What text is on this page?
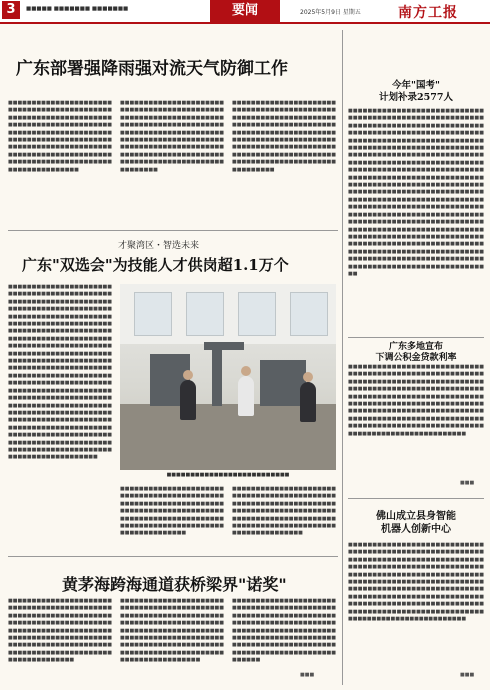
3	■■■■■ ■■■■■■■ ■■■■■■■	要闻	2025年5月9日 星期五	南方工报
广东部署强降雨强对流天气防御工作
■■■■■■■■■■■■■■■■■■■■■■■■■■■■■■■■■■■■■■■■■■■■■■■■■■■■■■■■■■■■■■■■■■■■■■■■■■■■■■■■■■■■■■■■■■■■■■■■■■■■■■■■■■■■■■■■■■■■■■■■■■■■■■■■■■■■■■■■■■■■■■■■■■■■■■■■■■■■■■■■■■■■■■■■■■■■■■■■■■■■■■■■■■■■■■■■■■■■■■■■■■■■■■■■■■■■■
■■■■■■■■■■■■■■■■■■■■■■■■■■■■■■■■■■■■■■■■■■■■■■■■■■■■■■■■■■■■■■■■■■■■■■■■■■■■■■■■■■■■■■■■■■■■■■■■■■■■■■■■■■■■■■■■■■■■■■■■■■■■■■■■■■■■■■■■■■■■■■■■■■■■■■■■■■■■■■■■■■■■■■■■■■■■■■■■■■■■■■■■■■■■■■■■■■■■■■■■■■■■■■
■■■■■■■■■■■■■■■■■■■■■■■■■■■■■■■■■■■■■■■■■■■■■■■■■■■■■■■■■■■■■■■■■■■■■■■■■■■■■■■■■■■■■■■■■■■■■■■■■■■■■■■■■■■■■■■■■■■■■■■■■■■■■■■■■■■■■■■■■■■■■■■■■■■■■■■■■■■■■■■■■■■■■■■■■■■■■■■■■■■■■■■■■■■■■■■■■■■■■■■■■■■■■■■
才聚湾区・智选未来
广东"双选会"为技能人才供岗超1.1万个
■■■■■■■■■■■■■■■■■■■■■■■■■■■■■■■■■■■■■■■■■■■■■■■■■■■■■■■■■■■■■■■■■■■■■■■■■■■■■■■■■■■■■■■■■■■■■■■■■■■■■■■■■■■■■■■■■■■■■■■■■■■■■■■■■■■■■■■■■■■■■■■■■■■■■■■■■■■■■■■■■■■■■■■■■■■■■■■■■■■■■■■■■■■■■■■■■■■■■■■■■■■■■■■■■■■■■■■■■■■■■■■■■■■■■■■■■■■■■■■■■■■■■■■■■■■■■■■■■■■■■■■■■■■■■■■■■■■■■■■■■■■■■■■■■■■■■■■■■■■■■■■■■■■■■■■■■■■■■■■■■■■■■■■■■■■■■■■■■■■■■■■■■■■■■■■■■■■■■■■■■■■■■■■■■■■■■■■■■■■■■■■■■■■■■■■■■■■■■■■■■■■■■■■■■■■■■■■■■■■■■■■■■■■■■■■■■■■■■■■■■■■■■■■■■■■■■■■■■■■■■■■■■■■■■■■■■■■■■■■■■■■■■■■■■■■■■■■■■■■■■■■■■■■■■■■■■■■■■■■■■■■■■
■■■■■■■■■■■■■■■■■■■■■■■■■■
■■■■■■■■■■■■■■■■■■■■■■■■■■■■■■■■■■■■■■■■■■■■■■■■■■■■■■■■■■■■■■■■■■■■■■■■■■■■■■■■■■■■■■■■■■■■■■■■■■■■■■■■■■■■■■■■■■■■■■■■■■■■■■■■■■■■■■■■■■■■■■■■■■
■■■■■■■■■■■■■■■■■■■■■■■■■■■■■■■■■■■■■■■■■■■■■■■■■■■■■■■■■■■■■■■■■■■■■■■■■■■■■■■■■■■■■■■■■■■■■■■■■■■■■■■■■■■■■■■■■■■■■■■■■■■■■■■■■■■■■■■■■■■■■■■■■■■
黄茅海跨海通道获桥梁界"诺奖"
■■■■■■■■■■■■■■■■■■■■■■■■■■■■■■■■■■■■■■■■■■■■■■■■■■■■■■■■■■■■■■■■■■■■■■■■■■■■■■■■■■■■■■■■■■■■■■■■■■■■■■■■■■■■■■■■■■■■■■■■■■■■■■■■■■■■■■■■■■■■■■■■■■■■■■■■■■■■■■■■■■■■■■■■■■■■■■■■■■■■■■■■■■■■■■
■■■■■■■■■■■■■■■■■■■■■■■■■■■■■■■■■■■■■■■■■■■■■■■■■■■■■■■■■■■■■■■■■■■■■■■■■■■■■■■■■■■■■■■■■■■■■■■■■■■■■■■■■■■■■■■■■■■■■■■■■■■■■■■■■■■■■■■■■■■■■■■■■■■■■■■■■■■■■■■■■■■■■■■■■■■■■■■■■■■■■■■■■■■■■■■■■
■■■■■■■■■■■■■■■■■■■■■■■■■■■■■■■■■■■■■■■■■■■■■■■■■■■■■■■■■■■■■■■■■■■■■■■■■■■■■■■■■■■■■■■■■■■■■■■■■■■■■■■■■■■■■■■■■■■■■■■■■■■■■■■■■■■■■■■■■■■■■■■■■■■■■■■■■■■■■■■■■■■■■■■■■■■■■■■■■■■■■■
■■■
今年"国考"
计划补录2577人
■■■■■■■■■■■■■■■■■■■■■■■■■■■■■■■■■■■■■■■■■■■■■■■■■■■■■■■■■■■■■■■■■■■■■■■■■■■■■■■■■■■■■■■■■■■■■■■■■■■■■■■■■■■■■■■■■■■■■■■■■■■■■■■■■■■■■■■■■■■■■■■■■■■■■■■■■■■■■■■■■■■■■■■■■■■■■■■■■■■■■■■■■■■■■■■■■■■■■■■■■■■■■■■■■■■■■■■■■■■■■■■■■■■■■■■■■■■■■■■■■■■■■■■■■■■■■■■■■■■■■■■■■■■■■■■■■■■■■■■■■■■■■■■■■■■■■■■■■■■■■■■■■■■■■■■■■■■■■■■■■■■■■■■■■■■■■■■■■■■■■■■■■■■■■■■■■■■■■■■■■■■■■■■■■■■■■■■■■■■■■■■■■■■■■■■■■■■■■■■■■■■■■■■■■■■■■■■■■■■■■■■■■■■■■■■■■■■■■■■■■■■■■■■■■■■■■■■■■■■■■■■■■■■■■■■■■■■■■■■■■■■■■■■■■■■■■■■■■■■■■■■■■■■■■■■■■■■■■■■■■■■■■■■■■■■■■■■■■■■■■■■■■■■■■■■■■■■■■■■■■■■■■■■■■■■■■■■■■■■■■■■■■■■■■■■■■■■■■■■■■■■■■■■■■■■■■■■■■■
广东多地宣布
下调公积金贷款利率
■■■■■■■■■■■■■■■■■■■■■■■■■■■■■■■■■■■■■■■■■■■■■■■■■■■■■■■■■■■■■■■■■■■■■■■■■■■■■■■■■■■■■■■■■■■■■■■■■■■■■■■■■■■■■■■■■■■■■■■■■■■■■■■■■■■■■■■■■■■■■■■■■■■■■■■■■■■■■■■■■■■■■■■■■■■■■■■■■■■■■■■■■■■■■■■■■■■■■■■■■■■■■■■■■■■■■■■■■■■■■■■■■■■■■■■■■■■■■■■■■■■■■■■■■■■■■■■■■■■■■■■■■■■■■■■■■■■■■
■■■
佛山成立县身智能
机器人创新中心
■■■■■■■■■■■■■■■■■■■■■■■■■■■■■■■■■■■■■■■■■■■■■■■■■■■■■■■■■■■■■■■■■■■■■■■■■■■■■■■■■■■■■■■■■■■■■■■■■■■■■■■■■■■■■■■■■■■■■■■■■■■■■■■■■■■■■■■■■■■■■■■■■■■■■■■■■■■■■■■■■■■■■■■■■■■■■■■■■■■■■■■■■■■■■■■■■■■■■■■■■■■■■■■■■■■■■■■■■■■■■■■■■■■■■■■■■■■■■■■■■■■■■■■■■■■■■■■■■■■■■■■■■■■■■■■■■■■■■■■■■■■■■■■■■■■■■■■■■■■■■■■■■
■■■
